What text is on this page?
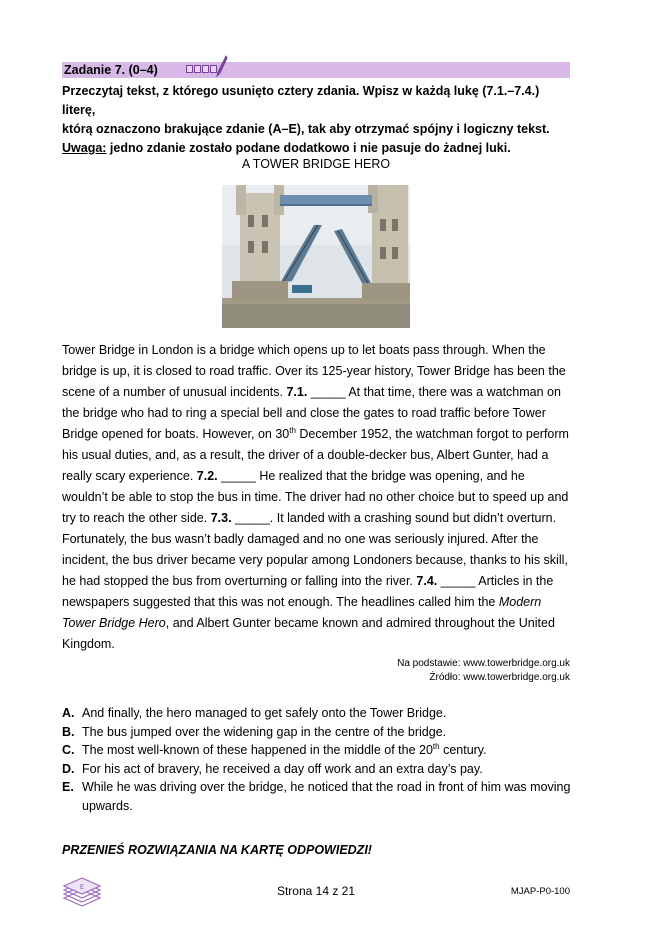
Zadanie 7. (0–4)
Przeczytaj tekst, z którego usunięto cztery zdania. Wpisz w każdą lukę (7.1.–7.4.) literę,
którą oznaczono brakujące zdanie (A–E), tak aby otrzymać spójny i logiczny tekst.
Uwaga: jedno zdanie zostało podane dodatkowo i nie pasuje do żadnej luki.
A TOWER BRIDGE HERO

Tower Bridge in London is a bridge which opens up to let boats pass through. When the bridge is up, it is closed to road traffic. Over its 125-year history, Tower Bridge has been the scene of a number of unusual incidents. 7.1. _____ At that time, there was a watchman on the bridge who had to ring a special bell and close the gates to road traffic before Tower Bridge opened for boats. However, on 30th December 1952, the watchman forgot to perform his usual duties, and, as a result, the driver of a double-decker bus, Albert Gunter, had a really scary experience. 7.2. _____ He realized that the bridge was opening, and he wouldn’t be able to stop the bus in time. The driver had no other choice but to speed up and try to reach the other side. 7.3. _____. It landed with a crashing sound but didn’t overturn. Fortunately, the bus wasn’t badly damaged and no one was seriously injured. After the incident, the bus driver became very popular among Londoners because, thanks to his skill, he had stopped the bus from overturning or falling into the river. 7.4. _____ Articles in the newspapers suggested that this was not enough. The headlines called him the Modern Tower Bridge Hero, and Albert Gunter became known and admired throughout the United Kingdom.

Na podstawie: www.towerbridge.org.uk
Źródło: www.towerbridge.org.uk
A. And finally, the hero managed to get safely onto the Tower Bridge.
B. The bus jumped over the widening gap in the centre of the bridge.
C. The most well-known of these happened in the middle of the 20th century.
D. For his act of bravery, he received a day off work and an extra day’s pay.
E. While he was driving over the bridge, he noticed that the road in front of him was moving upwards.
PRZENIEŚ ROZWIĄZANIA NA KARTĘ ODPOWIEDZI!
E	Strona 14 z 21	MJAP-P0-100
